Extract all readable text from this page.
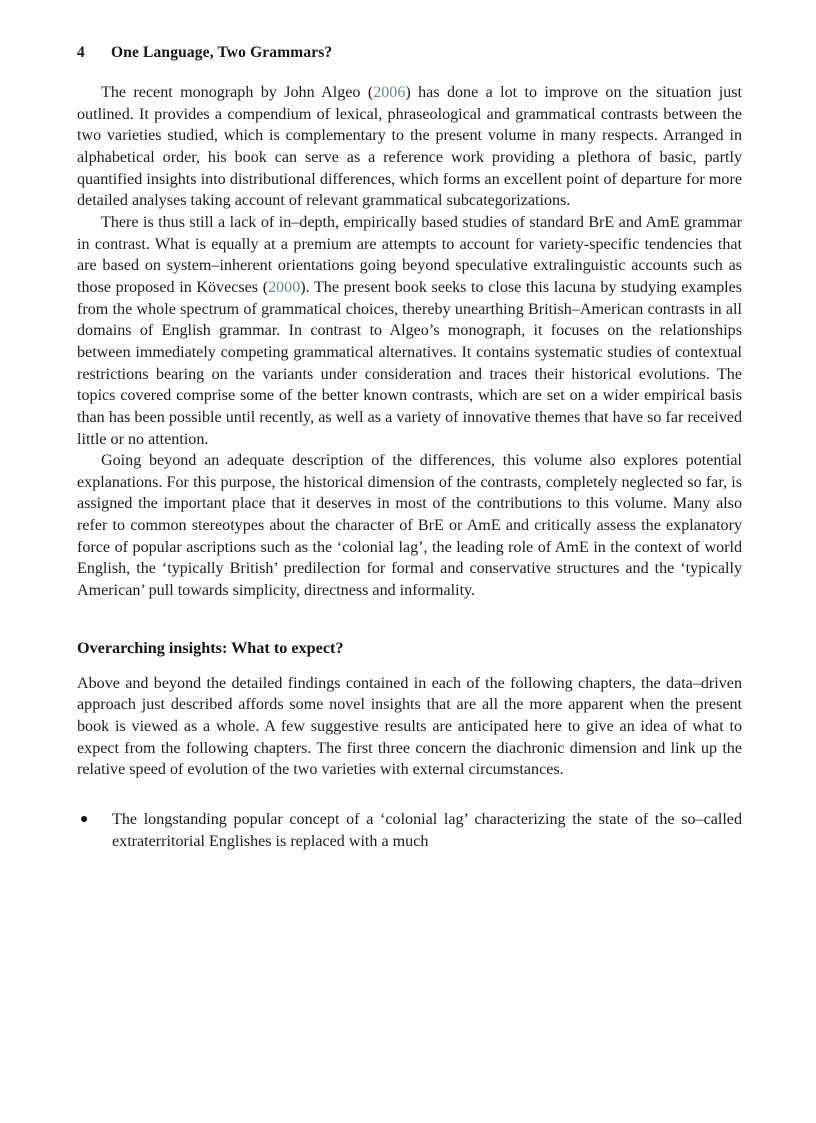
4 One Language, Two Grammars?

The recent monograph by John Algeo (2006) has done a lot to improve on the situation just outlined. It provides a compendium of lexical, phraseological and grammatical contrasts between the two varieties studied, which is complementary to the present volume in many respects. Arranged in alphabetical order, his book can serve as a reference work providing a plethora of basic, partly quantified insights into distributional differences, which forms an excellent point of departure for more detailed analyses taking account of relevant grammatical subcategorizations.

There is thus still a lack of in–depth, empirically based studies of standard BrE and AmE grammar in contrast. What is equally at a premium are attempts to account for variety-specific tendencies that are based on system–inherent orientations going beyond speculative extralinguistic accounts such as those proposed in Kövecses (2000). The present book seeks to close this lacuna by studying examples from the whole spectrum of grammatical choices, thereby unearthing British–American contrasts in all domains of English grammar. In contrast to Algeo’s monograph, it focuses on the relationships between immediately competing grammatical alternatives. It contains systematic studies of contextual restrictions bearing on the variants under consideration and traces their historical evolutions. The topics covered comprise some of the better known contrasts, which are set on a wider empirical basis than has been possible until recently, as well as a variety of innovative themes that have so far received little or no attention.

Going beyond an adequate description of the differences, this volume also explores potential explanations. For this purpose, the historical dimension of the contrasts, completely neglected so far, is assigned the important place that it deserves in most of the contributions to this volume. Many also refer to common stereotypes about the character of BrE or AmE and critically assess the explanatory force of popular ascriptions such as the ‘colonial lag’, the leading role of AmE in the context of world English, the ‘typically British’ predilection for formal and conservative structures and the ‘typically American’ pull towards simplicity, directness and informality.

Overarching insights: What to expect?

Above and beyond the detailed findings contained in each of the following chapters, the data–driven approach just described affords some novel insights that are all the more apparent when the present book is viewed as a whole. A few suggestive results are anticipated here to give an idea of what to expect from the following chapters. The first three concern the diachronic dimension and link up the relative speed of evolution of the two varieties with external circumstances.

● The longstanding popular concept of a ‘colonial lag’ characterizing the state of the so–called extraterritorial Englishes is replaced with a much
